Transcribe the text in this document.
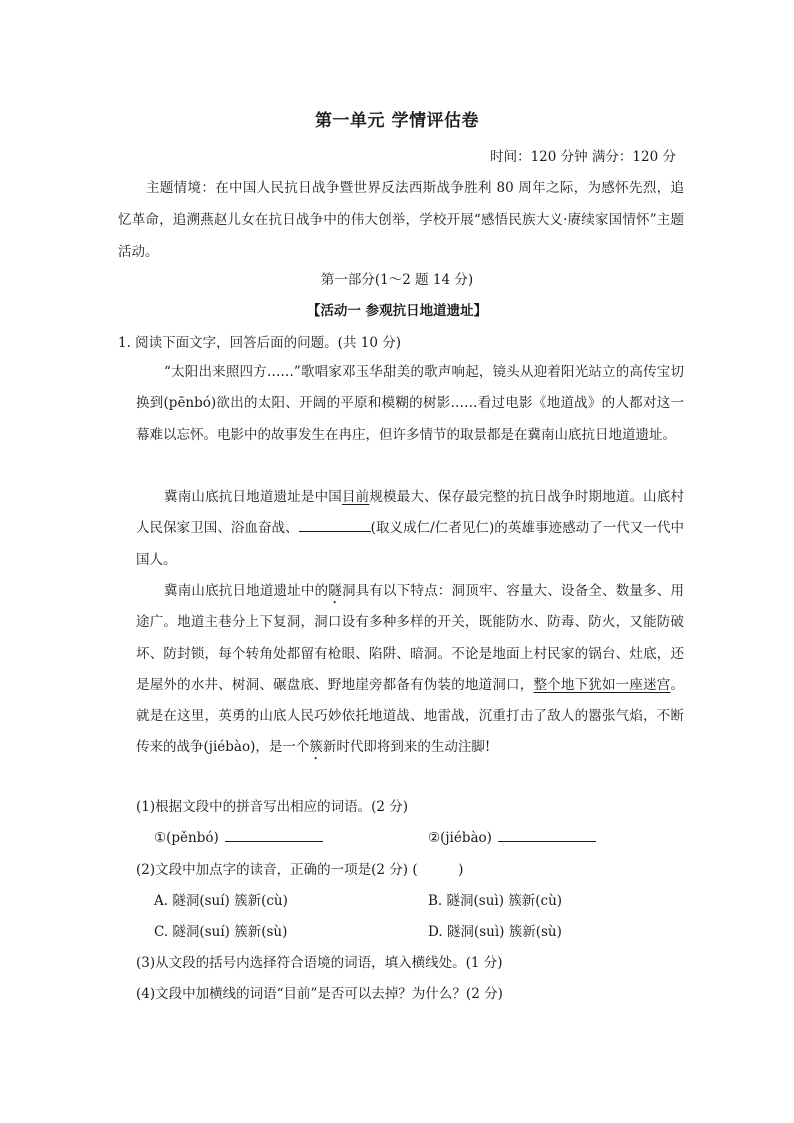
第一单元 学情评估卷
时间：120 分钟 满分：120 分
主题情境：在中国人民抗日战争暨世界反法西斯战争胜利 80 周年之际，为感怀先烈，追忆革命，追溯燕赵儿女在抗日战争中的伟大创举，学校开展“感悟民族大义·赓续家国情怀”主题活动。
第一部分(1～2 题 14 分)
【活动一 参观抗日地道遗址】
1. 阅读下面文字，回答后面的问题。(共 10 分)
“太阳出来照四方……”歌唱家邓玉华甜美的歌声响起，镜头从迎着阳光站立的高传宝切换到(pēnbó)欲出的太阳、开阔的平原和模糊的树影……看过电影《地道战》的人都对这一幕难以忘怀。电影中的故事发生在冉庄，但许多情节的取景都是在冀南山底抗日地道遗址。
冀南山底抗日地道遗址是中国目前规模最大、保存最完整的抗日战争时期地道。山底村人民保家卫国、浴血奋战、	(取义成仁/仁者见仁)的英雄事迹感动了一代又一代中国人。
冀南山底抗日地道遗址中的隧洞具有以下特点：洞顶牢、容量大、设备全、数量多、用途广。地道主巷分上下复洞，洞口设有多种多样的开关，既能防水、防毒、防火，又能防破坏、防封锁，每个转角处都留有枪眼、陷阱、暗洞。不论是地面上村民家的锅台、灶底，还是屋外的水井、树洞、碾盘底、野地崖旁都备有伪装的地道洞口，整个地下犹如一座迷宫。就是在这里，英勇的山底人民巧妙依托地道战、地雷战，沉重打击了敌人的嚣张气焰，不断传来的战争(jiébào)，是一个簇新时代即将到来的生动注脚!
(1)根据文段中的拼音写出相应的词语。(2 分)
①(pěnbó)	②(jiébào)
(2)文段中加点字的读音，正确的一项是(2 分) (　　　)
A. 隧洞(suí) 簇新(cù)	B. 隧洞(suì) 簇新(cù)
C. 隧洞(suí) 簇新(sù)	D. 隧洞(suì) 簇新(sù)
(3)从文段的括号内选择符合语境的词语，填入横线处。(1 分)
(4)文段中加横线的词语“目前”是否可以去掉？为什么？(2 分)
